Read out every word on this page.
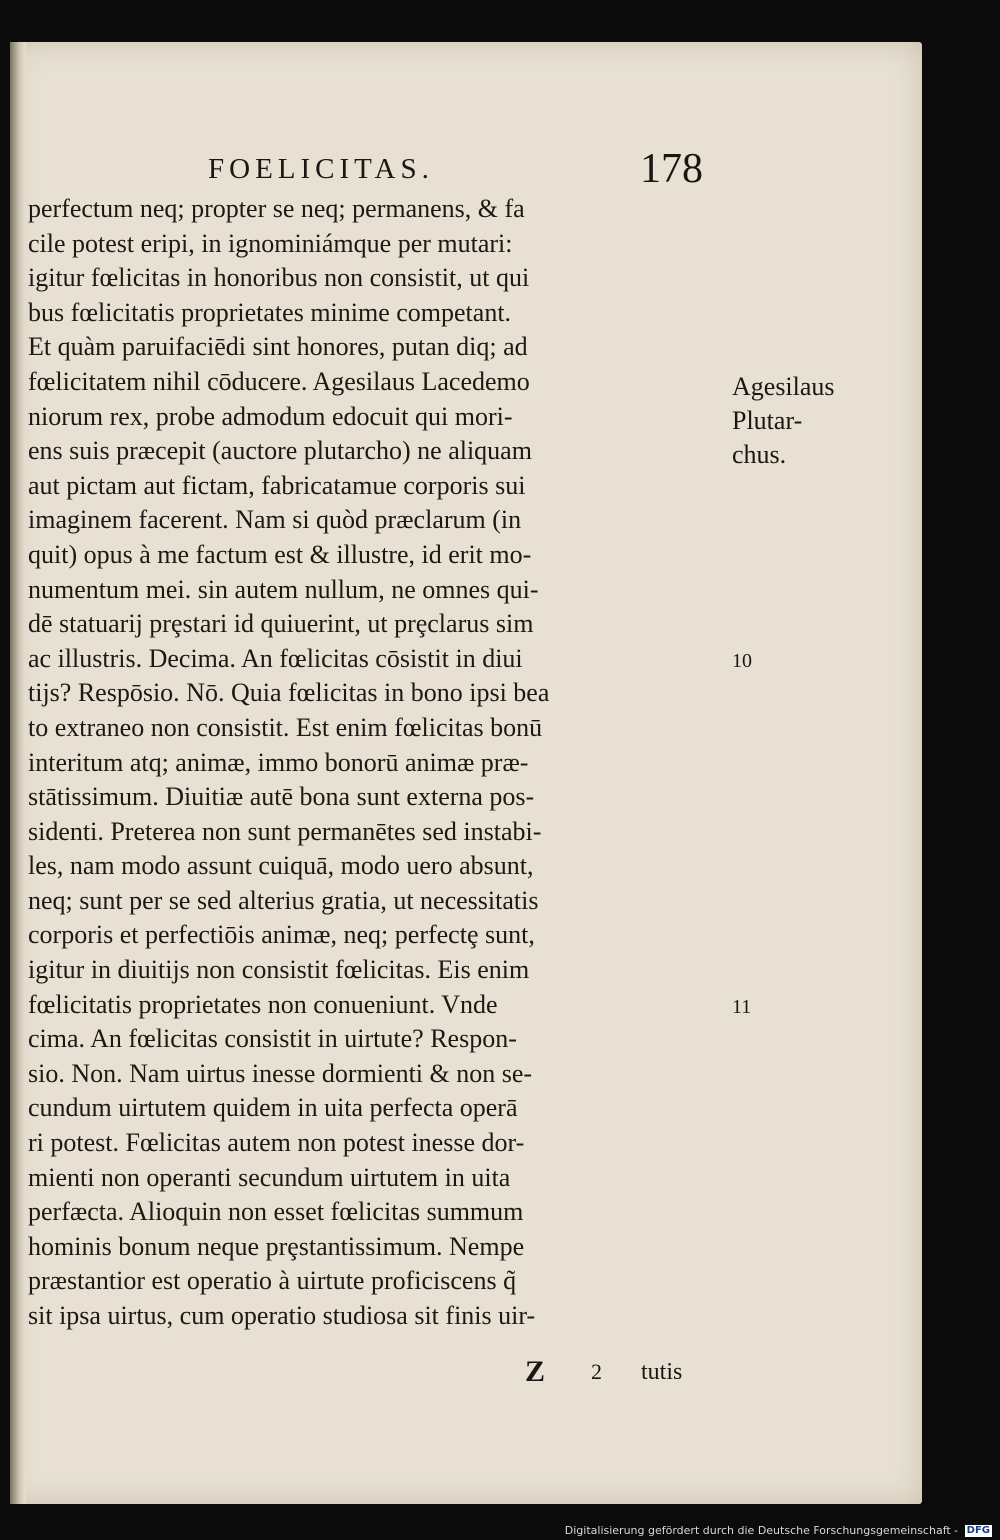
FOELICITAS.	178
perfectum neq; propter se neq; permanens, & fa
cile potest eripi, in ignominiámque per mutari:
igitur fœlicitas in honoribus non consistit, ut qui
bus fœlicitatis proprietates minime competant.
Et quàm paruifaciēdi sint honores, putan diq; ad
fœlicitatem nihil cōducere. Agesilaus Lacedemo
niorum rex, probe admodum edocuit qui mori-
ens suis præcepit (auctore plutarcho) ne aliquam
aut pictam aut fictam, fabricatamue corporis sui
imaginem facerent. Nam si quòd præclarum (in
quit) opus à me factum est & illustre, id erit mo-
numentum mei. sin autem nullum, ne omnes qui-
dē statuarij prȩstari id quiuerint, ut prȩclarus sim
ac illustris. Decima. An fœlicitas cōsistit in diui
tijs? Respōsio. Nō. Quia fœlicitas in bono ipsi bea
to extraneo non consistit. Est enim fœlicitas bonū
interitum atq; animæ, immo bonorū animæ præ-
stātissimum. Diuitiæ autē bona sunt externa pos-
sidenti. Preterea non sunt permanētes sed instabi-
les, nam modo assunt cuiquā, modo uero absunt,
neq; sunt per se sed alterius gratia, ut necessitatis
corporis et perfectiōis animæ, neq; perfectȩ sunt,
igitur in diuitijs non consistit fœlicitas. Eis enim
fœlicitatis proprietates non conueniunt. Vnde
cima. An fœlicitas consistit in uirtute? Respon-
sio. Non. Nam uirtus inesse dormienti & non se-
cundum uirtutem quidem in uita perfecta operā
ri potest. Fœlicitas autem non potest inesse dor-
mienti non operanti secundum uirtutem in uita
perfæcta. Alioquin non esset fœlicitas summum
hominis bonum neque prȩstantissimum. Nempe
præstantior est operatio à uirtute proficiscens q̃
sit ipsa uirtus, cum operatio studiosa sit finis uir-
Agesilaus
Plutar-
chus.
10
11
Z 2 tutis
Digitalisierung gefördert durch die Deutsche Forschungsgemeinschaft - DFG
